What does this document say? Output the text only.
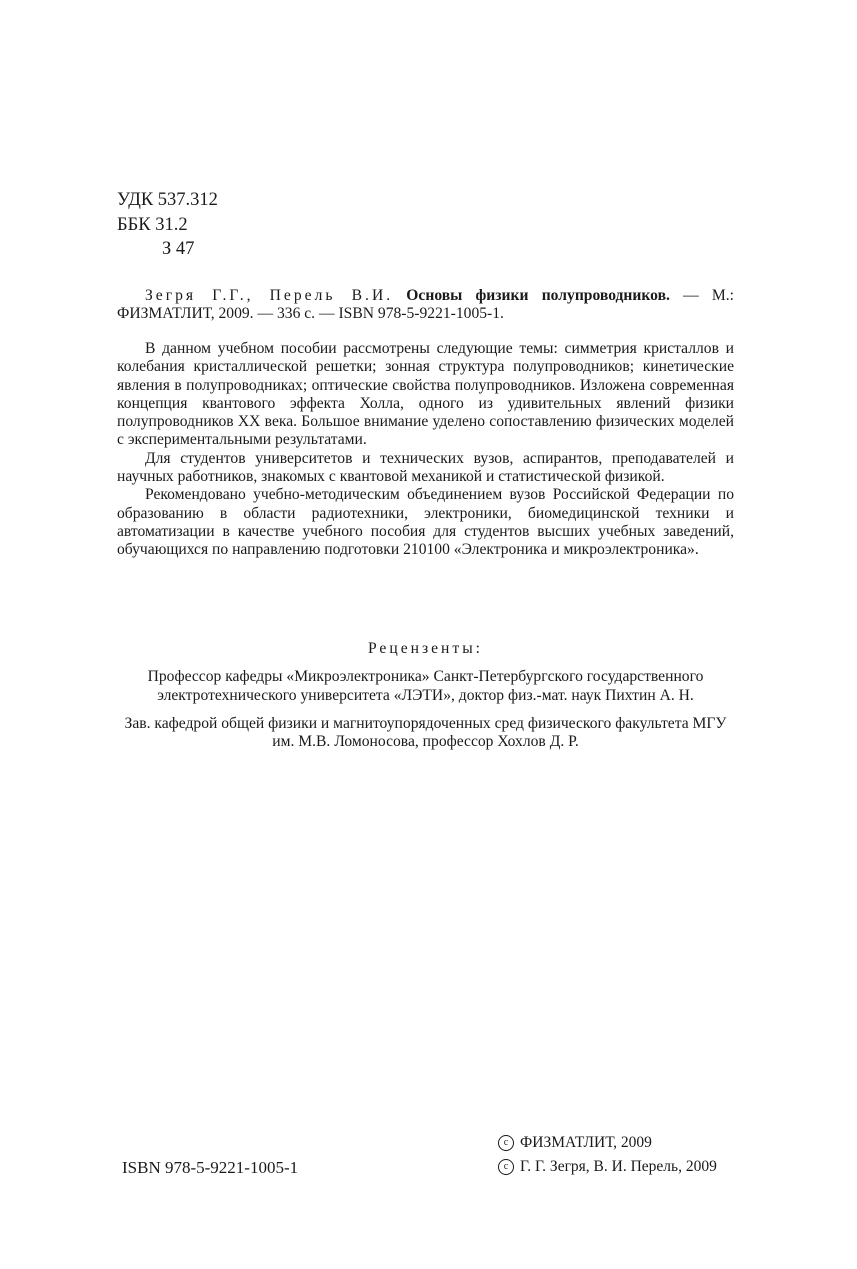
УДК 537.312
ББК 31.2
З 47

Зегря Г.Г., Перель В.И. Основы физики полупроводников. — М.: ФИЗМАТЛИТ, 2009. — 336 с. — ISBN 978-5-9221-1005-1.

В данном учебном пособии рассмотрены следующие темы: симметрия кристаллов и колебания кристаллической решетки; зонная структура полупроводников; кинетические явления в полупроводниках; оптические свойства полупроводников. Изложена современная концепция квантового эффекта Холла, одного из удивительных явлений физики полупроводников XX века. Большое внимание уделено сопоставлению физических моделей с экспериментальными результатами.

Для студентов университетов и технических вузов, аспирантов, преподавателей и научных работников, знакомых с квантовой механикой и статистической физикой.

Рекомендовано учебно-методическим объединением вузов Российской Федерации по образованию в области радиотехники, электроники, биомедицинской техники и автоматизации в качестве учебного пособия для студентов высших учебных заведений, обучающихся по направлению подготовки 210100 «Электроника и микроэлектроника».

Рецензенты:

Профессор кафедры «Микроэлектроника» Санкт-Петербургского государственного электротехнического университета «ЛЭТИ», доктор физ.-мат. наук Пихтин А. Н.

Зав. кафедрой общей физики и магнитоупорядоченных сред физического факультета МГУ им. М.В. Ломоносова, профессор Хохлов Д. Р.

ISBN 978-5-9221-1005-1
c ФИЗМАТЛИТ, 2009
c Г. Г. Зегря, В. И. Перель, 2009
